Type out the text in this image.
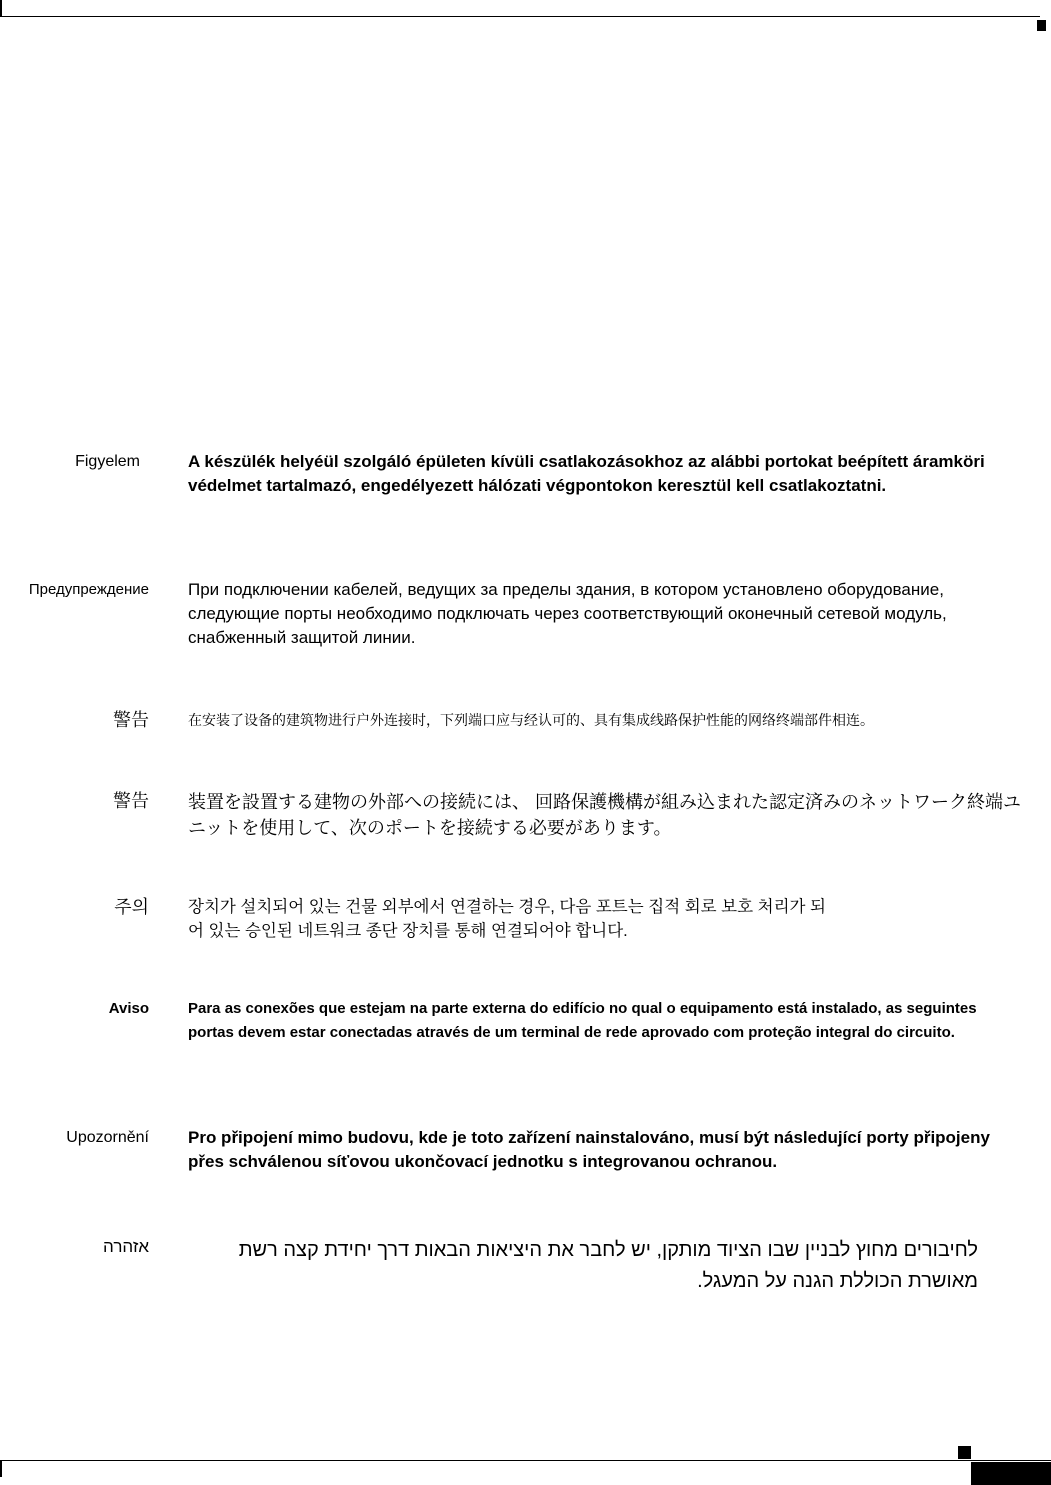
Figyelem	A készülék helyéül szolgáló épületen kívüli csatlakozásokhoz az alábbi portokat beépített áramköri védelmet tartalmazó, engedélyezett hálózati végpontokon keresztül kell csatlakoztatni.
Предупреждение При подключении кабелей, ведущих за пределы здания, в котором установлено оборудование, следующие порты необходимо подключать через соответствующий оконечный сетевой модуль, снабженный защитой линии.
警告	在安装了设备的建筑物进行户外连接时，下列端口应与经认可的、具有集成线路保护性能的网络终端部件相连。
警告 装置を設置する建物の外部への接続には、 回路保護機構が組み込まれた認定済みのネットワーク終端ユニットを使用して、次のポートを接続する必要があります。
주의 장치가 설치되어 있는 건물 외부에서 연결하는 경우, 다음 포트는 집적 회로 보호 처리가 되어 있는 승인된 네트워크 종단 장치를 통해 연결되어야 합니다.
Aviso	Para as conexões que estejam na parte externa do edifício no qual o equipamento está instalado, as seguintes portas devem estar conectadas através de um terminal de rede aprovado com proteção integral do circuito.
Upozornění Pro připojení mimo budovu, kde je toto zařízení nainstalováno, musí být následující porty připojeny přes schválenou síťovou ukončovací jednotku s integrovanou ochranou.
אזהרה	לחיבורים מחוץ לבניין שבו הציוד מותקן, יש לחבר את היציאות הבאות דרך יחידת קצה רשת מאושרת הכוללת הגנה על המעגל.
